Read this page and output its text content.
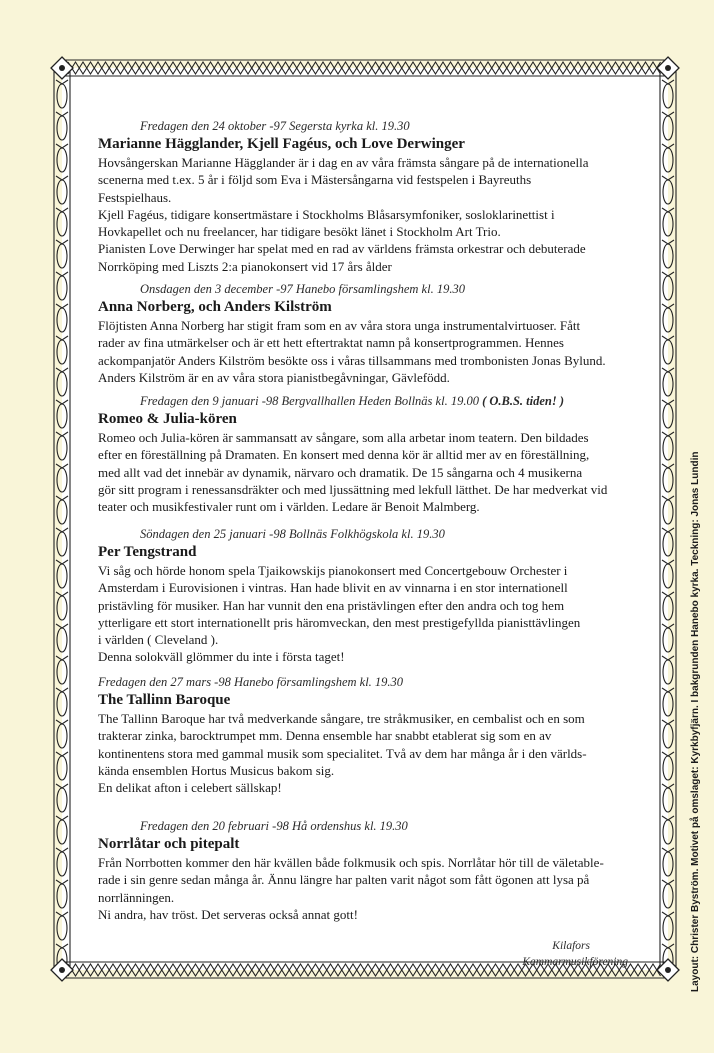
Fredagen den 24 oktober -97 Segersta kyrka kl. 19.30
Marianne Hägglander, Kjell Fagéus, och Love Derwinger
Hovsångerskan Marianne Hägglander är i dag en av våra främsta sångare på de internationella
scenerna med t.ex. 5 år i följd som Eva i Mästersångarna vid festspelen i Bayreuths
Festspielhaus.
Kjell Fagéus, tidigare konsertmästare i Stockholms Blåsarsymfoniker, sosloklarinettist i
Hovkapellet och nu freelancer, har tidigare besökt länet i Stockholm Art Trio.
Pianisten Love Derwinger har spelat med en rad av världens främsta orkestrar och debuterade
Norrköping med Liszts 2:a pianokonsert vid 17 års ålder
Onsdagen den 3 december -97 Hanebo församlingshem kl. 19.30
Anna Norberg, och Anders Kilström
Flöjtisten Anna Norberg har stigit fram som en av våra stora unga instrumentalvirtuoser. Fått
rader av fina utmärkelser och är ett hett eftertraktat namn på konsertprogrammen. Hennes
ackompanjatör Anders Kilström besökte oss i våras tillsammans med trombonisten Jonas Bylund.
Anders Kilström är en av våra stora pianistbegåvningar, Gävlefödd.
Fredagen den 9 januari -98 Bergvallhallen Heden Bollnäs kl. 19.00 ( O.B.S. tiden! )
Romeo & Julia-kören
Romeo och Julia-kören är sammansatt av sångare, som alla arbetar inom teatern. Den bildades
efter en föreställning på Dramaten. En konsert med denna kör är alltid mer av en föreställning,
med allt vad det innebär av dynamik, närvaro och dramatik. De 15 sångarna och 4 musikerna
gör sitt program i renessansdräkter och med ljussättning med lekfull lätthet. De har medverkat vid
teater och musikfestivaler runt om i världen. Ledare är Benoit Malmberg.
Söndagen den 25 januari -98 Bollnäs Folkhögskola kl. 19.30
Per Tengstrand
Vi såg och hörde honom spela Tjaikowskijs pianokonsert med Concertgebouw Orchester i
Amsterdam i Eurovisionen i vintras. Han hade blivit en av vinnarna i en stor internationell
pristävling för musiker. Han har vunnit den ena pristävlingen efter den andra och tog hem
ytterligare ett stort internationellt pris häromveckan, den mest prestigefyllda pianisttävlingen
i världen ( Cleveland ).
Denna solokväll glömmer du inte i första taget!
Fredagen den 27 mars -98 Hanebo församlingshem kl. 19.30
The Tallinn Baroque
The Tallinn Baroque har två medverkande sångare, tre stråkmusiker, en cembalist och en som
trakterar zinka, barocktrumpet mm. Denna ensemble har snabbt etablerat sig som en av
kontinentens stora med gammal musik som specialitet. Två av dem har många år i den världs-
kända ensemblen Hortus Musicus bakom sig.
En delikat afton i celebert sällskap!
Fredagen den 20 februari -98 Hå ordenshus kl. 19.30
Norrlåtar och pitepalt
Från Norrbotten kommer den här kvällen både folkmusik och spis. Norrlåtar hör till de väletable-
rade i sin genre sedan många år. Ännu längre har palten varit något som fått ögonen att lysa på
norrlänningen.
Ni andra, hav tröst. Det serveras också annat gott!
Kilafors
Kammarmusikförening	Layout: Christer Byström. Motivet på omslaget: Kyrkbyfjärn. I bakgrunden Hanebo kyrka. Teckning: Jonas Lundin
